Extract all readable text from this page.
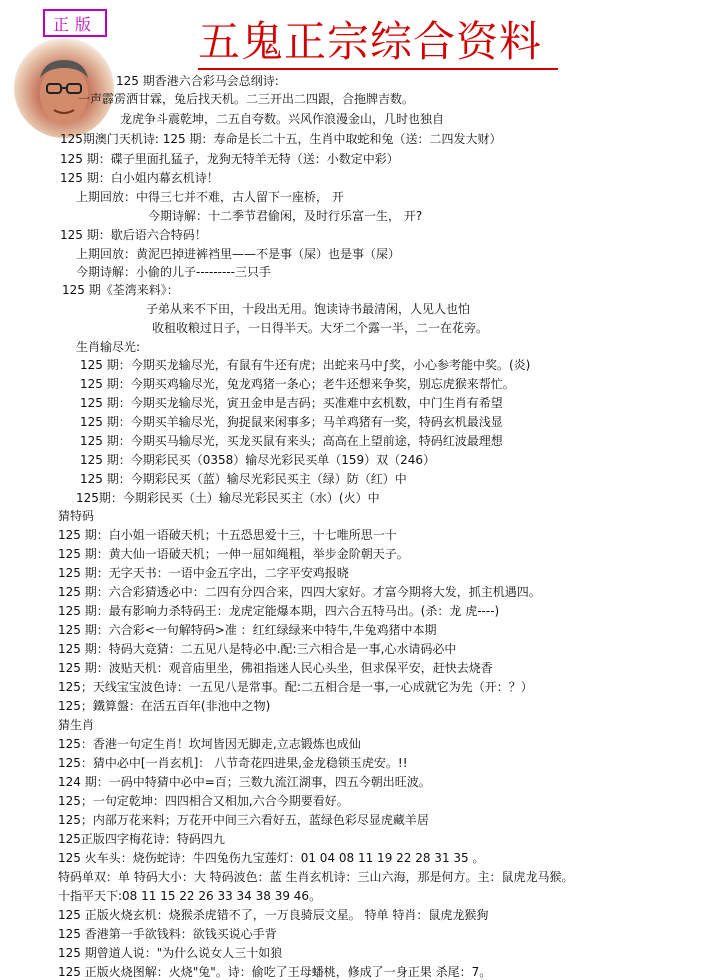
正版 五鬼正宗综合资料
125 期香港六合彩马会总纲诗:
一声霹雳洒甘霖，兔后找天机。二三开出二四跟，合拖牌吉数。
龙虎争斗震乾坤，二五自夸数。兴风作浪漫金山，几时也独自
125期澳门天机诗: 125 期：寿命是长二十五，生肖中取蛇和兔（送：二四发大财）
125 期：碟子里面扎猛子，龙狗无特羊无特（送：小数定中彩）
125 期：白小姐内幕玄机诗！
上期回放：中得三七并不难，古人留下一座桥， 开
今期诗解：十二季节君偷闲，及时行乐富一生， 开?
125 期：歇后语六合特码！
上期回放：黄泥巴掉进裤裆里——不是事（屎）也是事（屎）
今期诗解：小偷的儿子---------三只手
125 期《荃湾来料》：
子弟从来不下田，十段出无用。饱读诗书最清闲，人见人也怕
收租收粮过日子，一日得半天。大牙二个露一半，二一在花旁。
生肖输尽光:
125 期：今期买龙输尽光，有鼠有牛还有虎；出蛇来马中∫奖，小心参考能中奖。(炎)
125 期：今期买鸡输尽光，兔龙鸡猪一条心；老牛还想来争奖，别忘虎猴来帮忙。
125 期：今期买龙输尽光，寅丑金申是吉码；买准难中玄机数，中门生肖有希望
125 期：今期买羊输尽光，狗捉鼠来闲事多；马羊鸡猪有一奖，特码玄机最浅显
125 期：今期买马输尽光，买龙买鼠有来头；高高在上望前途，特码红波最理想
125 期：今期彩民买（0358）输尽光彩民买单（159）双（246）
125 期：今期彩民买（蓝）输尽光彩民买主（绿）防（红）中
125期：今期彩民买（土）输尽光彩民买主（水）(火）中
猜特码
125 期：白小姐一语破天机；十五恐思爱十三，十七唯所思一十
125 期：黄大仙一语破天机；一伸一屈如绳粗，举步金阶朝天子。
125 期：无字天书：一语中金五字出，二字平安鸡报晓
125 期：六合彩猜透必中：二四有分四合来，四四大家好。才富今期将大发，抓主机遇四。
125 期：最有影响力杀特码王：龙虎定能爆本期，四六合五特马出。(杀：龙 虎----)
125 期：六合彩<一句解特码>准 ：红红绿绿来中特牛,牛兔鸡猪中本期
125 期：特码大竞猜：二五见八是特必中.配:三六相合是一事,心水请码必中
125 期：波贴天机：观音庙里坐，佛祖指迷人民心头坐，但求保平安，赶快去烧香
125；天线宝宝波色诗：一五见八是常事。配:二五相合是一事,一心成就它为先（开：？）
125；鐵算盤：在活五百年(非池中之物)
猜生肖
125：香港一句定生肖！坎坷皆因无脚走,立志锻炼也成仙
125：猜中必中[一肖玄机]： 八节奇花四进果,金龙稳锁玉虎安。!!
124 期：一码中特猜中必中=百；三数九流江湖事，四五今朝出旺波。
125；一句定乾坤：四四相合又相加,六合今期要看好。
125；内部万花来料；万花开中间三六看好五，蓝绿色彩尽显虎藏羊居
125正版四字梅花诗：特码四九
125 火车头：烧伤蛇诗：牛四兔伤九宝莲灯：01 04 08 11 19 22 28 31 35 。
特码单双：单 特码大小：大 特码波色：蓝 生肖玄机诗：三山六海，那是何方。主：鼠虎龙马猴。
十指平天下:08 11 15 22 26 33 34 38 39 46。
125 正版火烧玄机：烧猴杀虎错不了，一万良骑辰文星。 特单 特肖：鼠虎龙猴狗
125 香港第一手欲钱料：欲钱买说心手背
125 期曾道人说："为什么说女人三十如狼
125 正版火烧图解：火烧"兔"。诗：偷吃了王母蟠桃，修成了一身正果 杀尾：7。
